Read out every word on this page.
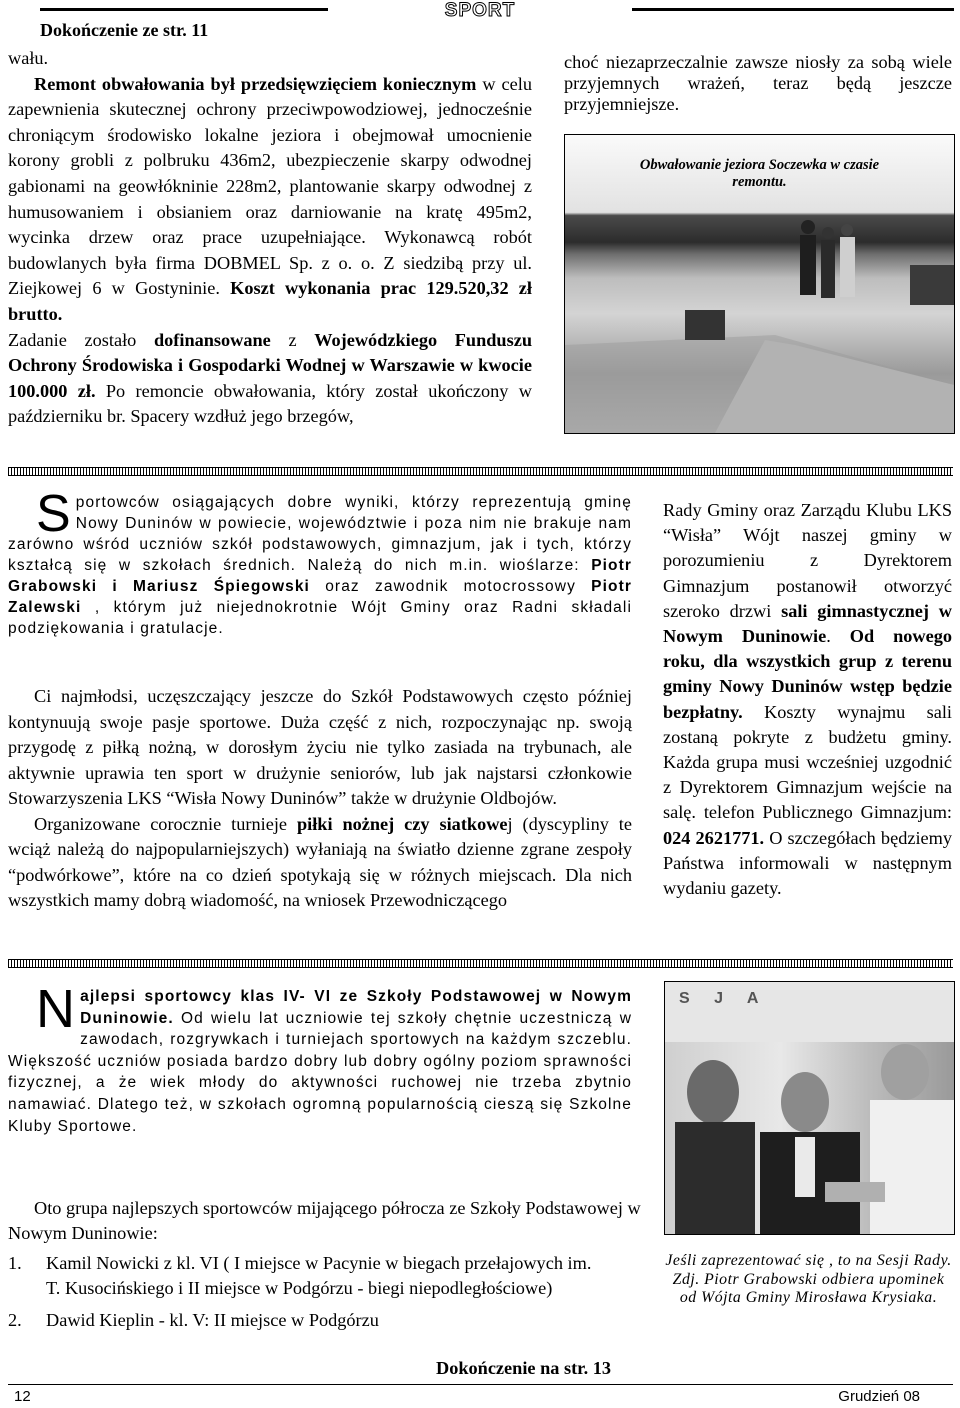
SPORT
Dokończenie ze str. 11

wału.

Remont obwałowania był przedsięwzięciem koniecznym w celu zapewnienia skutecznej ochrony przeciwpowodziowej, jednocześnie chroniącym środowisko lokalne jeziora i obejmował umocnienie korony grobli z polbruku 436m2, ubezpieczenie skarpy odwodnej gabionami na geowłókninie 228m2, plantowanie skarpy odwodnej z humusowaniem i obsianiem oraz darniowanie na kratę 495m2, wycinka drzew oraz prace uzupełniające. Wykonawcą robót budowlanych była firma DOBMEL Sp. z o. o. Z siedzibą przy ul. Ziejkowej 6 w Gostyninie. Koszt wykonania prac 129.520,32 zł brutto.

Zadanie zostało dofinansowane z Wojewódzkiego Funduszu Ochrony Środowiska i Gospodarki Wodnej w Warszawie w kwocie 100.000 zł. Po remoncie obwałowania, który został ukończony w październiku br. Spacery wzdłuż jego brzegów,

choć niezaprzeczalnie zawsze niosły za sobą wiele przyjemnych wrażeń, teraz będą jeszcze przyjemniejsze.
Obwałowanie jeziora Soczewka w czasie remontu.
Sportowców osiągających dobre wyniki, którzy reprezentują gminę Nowy Duninów w powiecie, województwie i poza nim nie brakuje nam zarówno wśród uczniów szkół podstawowych, gimnazjum, jak i tych, którzy kształcą się w szkołach średnich. Należą do nich m.in. wioślarze: Piotr Grabowski i Mariusz Śpiegowski oraz zawodnik motocrossowy Piotr Zalewski , którym już niejednokrotnie Wójt Gminy oraz Radni składali podziękowania i gratulacje.

Ci najmłodsi, uczęszczający jeszcze do Szkół Podstawowych często później kontynuują swoje pasje sportowe. Duża część z nich, rozpoczynając np. swoją przygodę z piłką nożną, w dorosłym życiu nie tylko zasiada na trybunach, ale aktywnie uprawia ten sport w drużynie seniorów, lub jak najstarsi członkowie Stowarzyszenia LKS “Wisła Nowy Duninów” także w drużynie Oldbojów.

Organizowane corocznie turnieje piłki nożnej czy siatkowej (dyscypliny te wciąż należą do najpopularniejszych) wyłaniają na światło dzienne zgrane zespoły “podwórkowe”, które na co dzień spotykają się w różnych miejscach. Dla nich wszystkich mamy dobrą wiadomość, na wniosek Przewodniczącego

Rady Gminy oraz Zarządu Klubu LKS “Wisła” Wójt naszej gminy w porozumieniu z Dyrektorem Gimnazjum postanowił otworzyć szeroko drzwi sali gimnastycznej w Nowym Duninowie. Od nowego roku, dla wszystkich grup z terenu gminy Nowy Duninów wstęp będzie bezpłatny. Koszty wynajmu sali zostaną pokryte z budżetu gminy. Każda grupa musi wcześniej uzgodnić z Dyrektorem Gimnazjum wejście na salę. telefon Publicznego Gimnazjum: 024 2621771. O szczegółach będziemy Państwa informowali w następnym wydaniu gazety.
Najlepsi sportowcy klas IV- VI ze Szkoły Podstawowej w Nowym Duninowie. Od wielu lat uczniowie tej szkoły chętnie uczestniczą w zawodach, rozgrywkach i turniejach sportowych na każdym szczeblu. Większość uczniów posiada bardzo dobry lub dobry ogólny poziom sprawności fizycznej, a że wiek młody do aktywności ruchowej nie trzeba zbytnio namawiać. Dlatego też, w szkołach ogromną popularnością cieszą się Szkolne Kluby Sportowe.

Oto grupa najlepszych sportowców mijającego półrocza ze Szkoły Podstawowej w Nowym Duninowie:

1. Kamil Nowicki z kl. VI ( I miejsce w Pacynie w biegach przełajowych im.
T. Kusocińskiego i II miejsce w Podgórzu - biegi niepodległościowe)
2. Dawid Kieplin - kl. V: II miejsce w Podgórzu
S J A
Jeśli zaprezentować się , to na Sesji Rady. Zdj. Piotr Grabowski odbiera upominek od Wójta Gminy Mirosława Krysiaka.
Dokończenie na str. 13
12	Grudzień 08
